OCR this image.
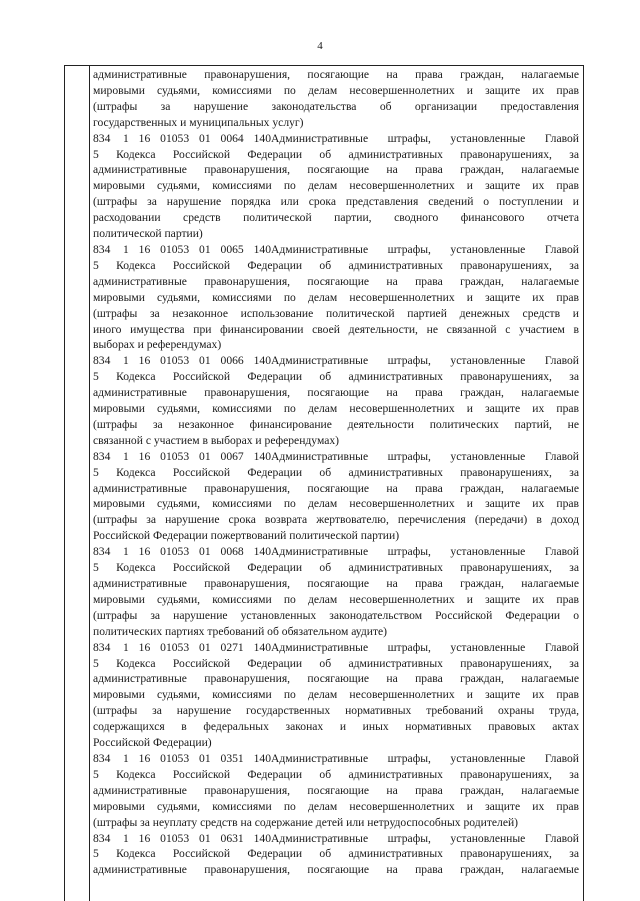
4

административные правонарушения, посягающие на права граждан, налагаемые

мировыми судьями, комиссиями по делам несовершеннолетних и защите их прав

(штрафы за нарушение законодательства об организации предоставления

государственных и муниципальных услуг)

834 1 16 01053 01 0064 140Административные штрафы, установленные Главой

5 Кодекса Российской Федерации об административных правонарушениях, за

административные правонарушения, посягающие на права граждан, налагаемые

мировыми судьями, комиссиями по делам несовершеннолетних и защите их прав

(штрафы за нарушение порядка или срока представления сведений о поступлении и

расходовании средств политической партии, сводного финансового отчета

политической партии)

834 1 16 01053 01 0065 140Административные штрафы, установленные Главой

5 Кодекса Российской Федерации об административных правонарушениях, за

административные правонарушения, посягающие на права граждан, налагаемые

мировыми судьями, комиссиями по делам несовершеннолетних и защите их прав

(штрафы за незаконное использование политической партией денежных средств и

иного имущества при финансировании своей деятельности, не связанной с участием в

выборах и референдумах)

834 1 16 01053 01 0066 140Административные штрафы, установленные Главой

5 Кодекса Российской Федерации об административных правонарушениях, за

административные правонарушения, посягающие на права граждан, налагаемые

мировыми судьями, комиссиями по делам несовершеннолетних и защите их прав

(штрафы за незаконное финансирование деятельности политических партий, не

связанной с участием в выборах и референдумах)

834 1 16 01053 01 0067 140Административные штрафы, установленные Главой

5 Кодекса Российской Федерации об административных правонарушениях, за

административные правонарушения, посягающие на права граждан, налагаемые

мировыми судьями, комиссиями по делам несовершеннолетних и защите их прав

(штрафы за нарушение срока возврата жертвователю, перечисления (передачи) в доход

Российской Федерации пожертвований политической партии)

834 1 16 01053 01 0068 140Административные штрафы, установленные Главой

5 Кодекса Российской Федерации об административных правонарушениях, за

административные правонарушения, посягающие на права граждан, налагаемые

мировыми судьями, комиссиями по делам несовершеннолетних и защите их прав

(штрафы за нарушение установленных законодательством Российской Федерации о

политических партиях требований об обязательном аудите)

834 1 16 01053 01 0271 140Административные штрафы, установленные Главой

5 Кодекса Российской Федерации об административных правонарушениях, за

административные правонарушения, посягающие на права граждан, налагаемые

мировыми судьями, комиссиями по делам несовершеннолетних и защите их прав

(штрафы за нарушение государственных нормативных требований охраны труда,

содержащихся в федеральных законах и иных нормативных правовых актах

Российской Федерации)

834 1 16 01053 01 0351 140Административные штрафы, установленные Главой

5 Кодекса Российской Федерации об административных правонарушениях, за

административные правонарушения, посягающие на права граждан, налагаемые

мировыми судьями, комиссиями по делам несовершеннолетних и защите их прав

(штрафы за неуплату средств на содержание детей или нетрудоспособных родителей)

834 1 16 01053 01 0631 140Административные штрафы, установленные Главой

5 Кодекса Российской Федерации об административных правонарушениях, за

административные правонарушения, посягающие на права граждан, налагаемые
